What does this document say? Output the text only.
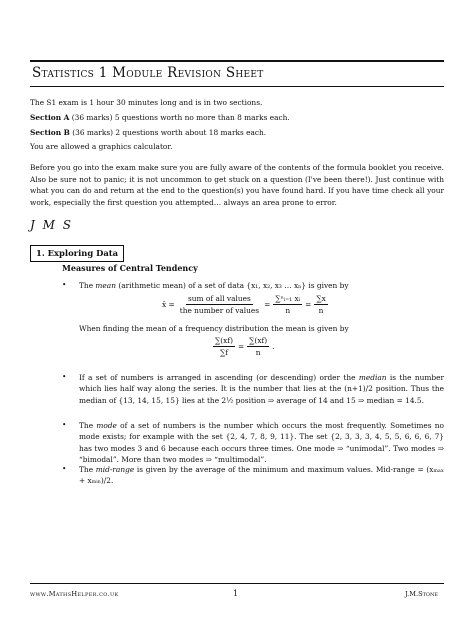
Statistics 1 Module Revision Sheet
The S1 exam is 1 hour 30 minutes long and is in two sections.
Section A (36 marks) 5 questions worth no more than 8 marks each.
Section B (36 marks) 2 questions worth about 18 marks each.
You are allowed a graphics calculator.
Before you go into the exam make sure you are fully aware of the contents of the formula booklet you receive. Also be sure not to panic; it is not uncommon to get stuck on a question (I've been there!). Just continue with what you can do and return at the end to the question(s) you have found hard. If you have time check all your work, especially the first question you attempted… always an area prone to error.
J M S
1. Exploring Data
Measures of Central Tendency
• The mean (arithmetic mean) of a set of data {x₁, x₂, x₃ … xₙ} is given by
x̄ = $\frac{\text{sum of all values}}{\text{the number of values}} = \frac{\text{∑ⁿᵢ₌₁ xᵢ}}{n} = \frac{\sum x}{n}$
When finding the mean of a frequency distribution the mean is given by
$\frac{\sum(xf)}{\sum f} = \frac{\sum(xf)}{n}$ .
• If a set of numbers is arranged in ascending (or descending) order the median is the number which lies half way along the series. It is the number that lies at the (n+1)/2 position. Thus the median of {13, 14, 15, 15} lies at the 2½ position ⇒ average of 14 and 15 ⇒ median = 14.5.
• The mode of a set of numbers is the number which occurs the most frequently. Sometimes no mode exists; for example with the set {2, 4, 7, 8, 9, 11}. The set {2, 3, 3, 3, 4, 5, 5, 6, 6, 6, 7} has two modes 3 and 6 because each occurs three times. One mode ⇒ “unimodal”. Two modes ⇒ “bimodal”. More than two modes ⇒ “multimodal”.
• The mid-range is given by the average of the minimum and maximum values. Mid-range = (xₘₐₓ + xₘᵢₙ)/2.
www.MathsHelper.co.uk	1	J.M.Stone
